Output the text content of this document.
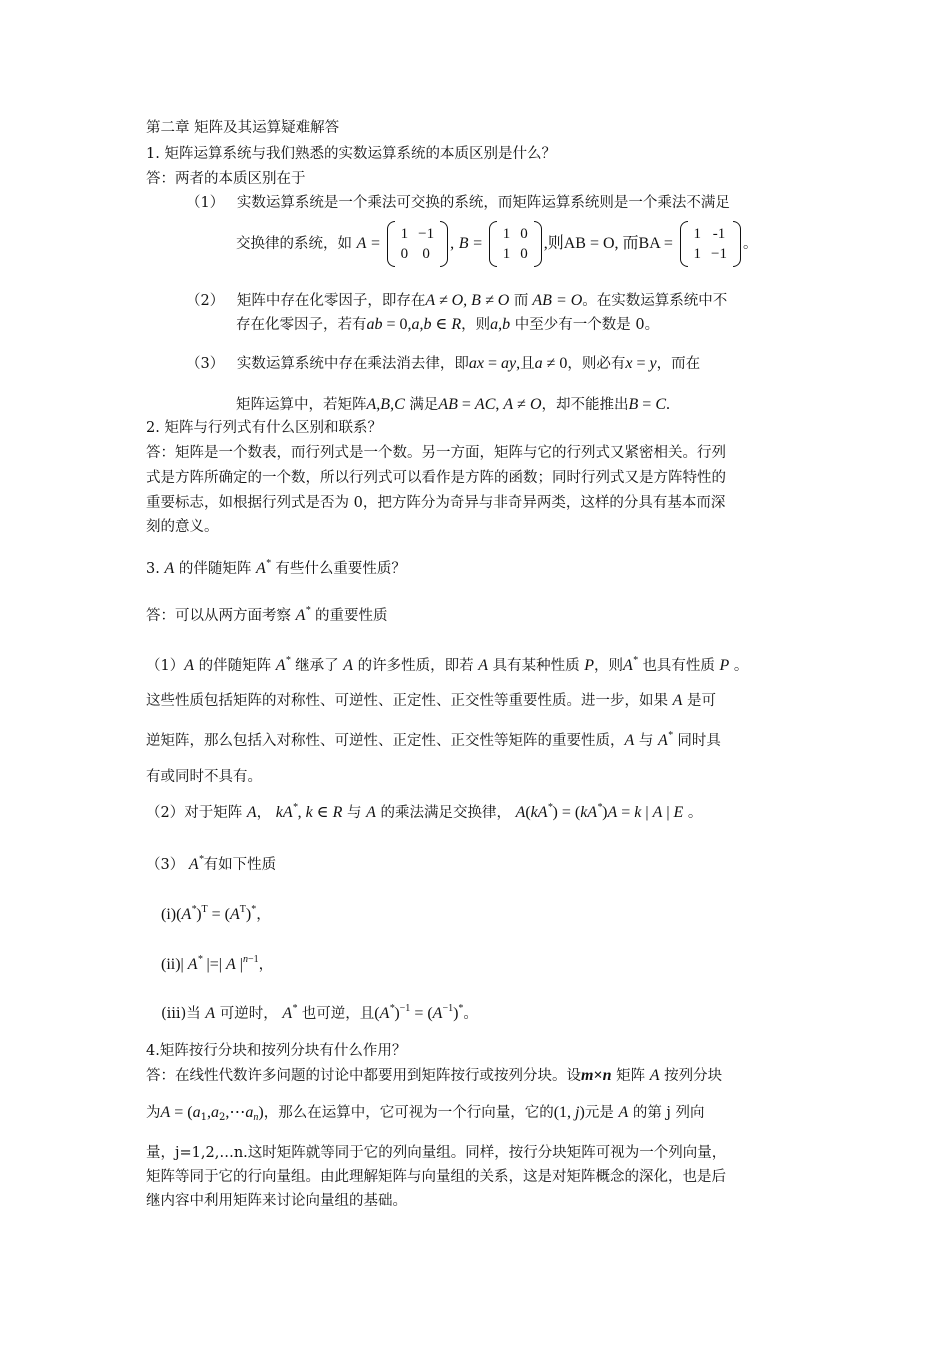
第二章 矩阵及其运算疑难解答
1. 矩阵运算系统与我们熟悉的实数运算系统的本质区别是什么？
答：两者的本质区别在于
（1） 实数运算系统是一个乘法可交换的系统，而矩阵运算系统则是一个乘法不满足
交换律的系统，如 A =
1	−1
0	0
, B =
1	0
1	0
,则AB = O, 而BA =
1	-1
1	−1
。
（2） 矩阵中存在化零因子，即存在A ≠ O, B ≠ O 而 AB = O。在实数运算系统中不
存在化零因子，若有ab = 0,a,b ∈ R，则a,b 中至少有一个数是 0。
（3） 实数运算系统中存在乘法消去律，即ax = ay,且a ≠ 0，则必有x = y，而在
矩阵运算中，若矩阵A,B,C 满足AB = AC, A ≠ O，却不能推出B = C.
2. 矩阵与行列式有什么区别和联系？
答：矩阵是一个数表，而行列式是一个数。另一方面，矩阵与它的行列式又紧密相关。行列
式是方阵所确定的一个数，所以行列式可以看作是方阵的函数；同时行列式又是方阵特性的
重要标志，如根据行列式是否为 0，把方阵分为奇异与非奇异两类，这样的分具有基本而深
刻的意义。
3. A 的伴随矩阵 A* 有些什么重要性质？
答：可以从两方面考察 A* 的重要性质
（1）A 的伴随矩阵 A* 继承了 A 的许多性质，即若 A 具有某种性质 P，则A* 也具有性质 P 。
这些性质包括矩阵的对称性、可逆性、正定性、正交性等重要性质。进一步，如果 A 是可
逆矩阵，那么包括入对称性、可逆性、正定性、正交性等矩阵的重要性质，A 与 A* 同时具
有或同时不具有。
（2）对于矩阵 A， kA*, k ∈ R 与 A 的乘法满足交换律， A(kA*) = (kA*)A = k | A | E 。
（3） A*有如下性质
$(i)(A^*)^T = (A^T)^*$，
(ii)| A* |=| A $|^{n-1}$，
(iii)当 A 可逆时， A* 也可逆，且$(A^*)^{-1} = (A^{-1})^*$。
4.矩阵按行分块和按列分块有什么作用？
答：在线性代数许多问题的讨论中都要用到矩阵按行或按列分块。设m×n 矩阵 A 按列分块
为$A = (a_1,a_2,\cdots a_n)$，那么在运算中，它可视为一个行向量，它的(1, j)元是 A 的第 j 列向
量，j=1,2,…n.这时矩阵就等同于它的列向量组。同样，按行分块矩阵可视为一个列向量，
矩阵等同于它的行向量组。由此理解矩阵与向量组的关系，这是对矩阵概念的深化，也是后
继内容中利用矩阵来讨论向量组的基础。
